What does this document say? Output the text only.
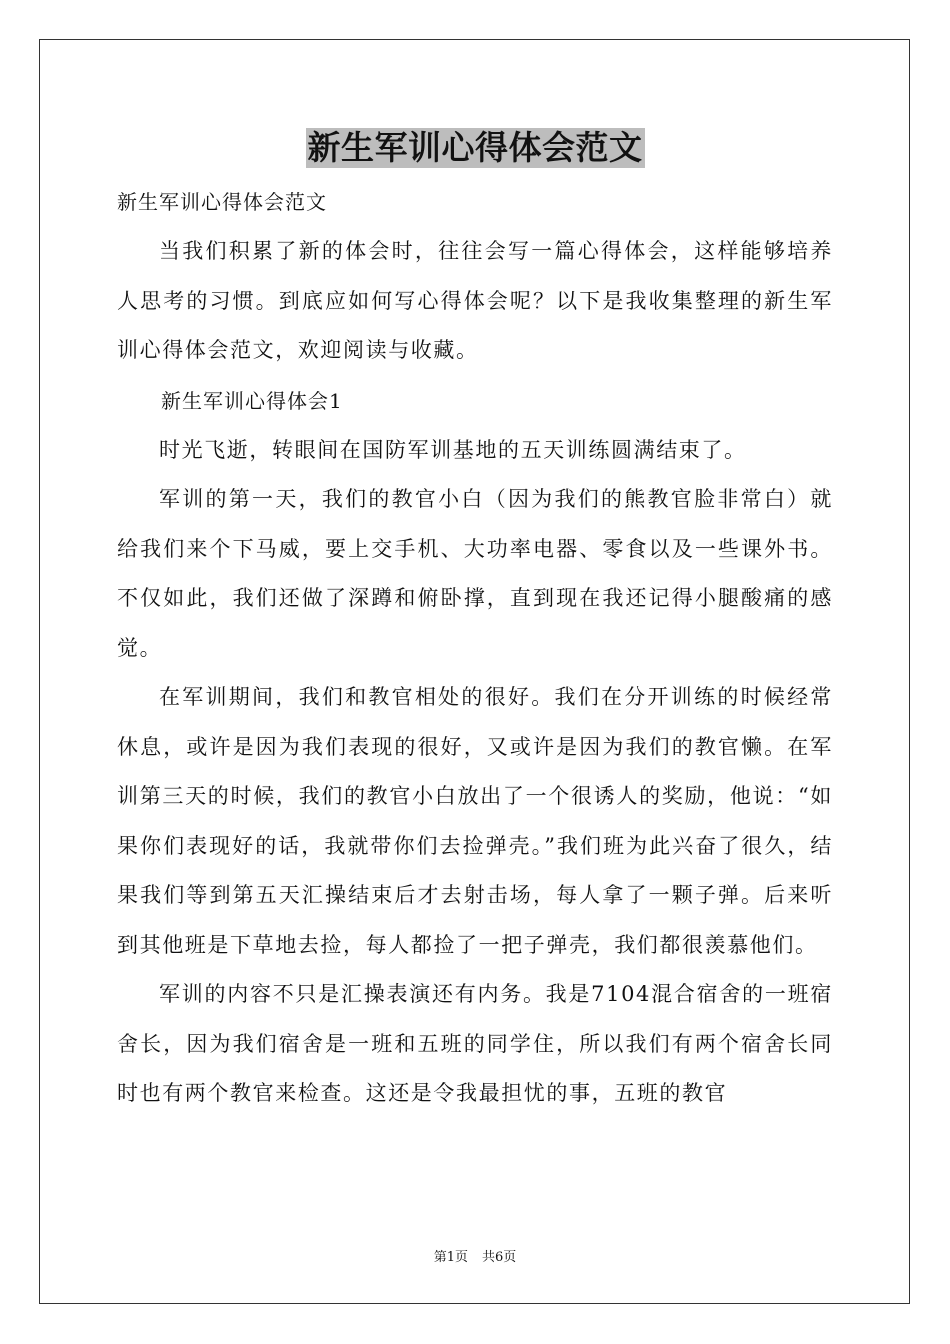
新生军训心得体会范文

新生军训心得体会范文

当我们积累了新的体会时，往往会写一篇心得体会，这样能够培养人思考的习惯。到底应如何写心得体会呢？以下是我收集整理的新生军训心得体会范文，欢迎阅读与收藏。

新生军训心得体会1

时光飞逝，转眼间在国防军训基地的五天训练圆满结束了。

军训的第一天，我们的教官小白（因为我们的熊教官脸非常白）就给我们来个下马威，要上交手机、大功率电器、零食以及一些课外书。不仅如此，我们还做了深蹲和俯卧撑，直到现在我还记得小腿酸痛的感觉。

在军训期间，我们和教官相处的很好。我们在分开训练的时候经常休息，或许是因为我们表现的很好，又或许是因为我们的教官懒。在军训第三天的时候，我们的教官小白放出了一个很诱人的奖励，他说：“如果你们表现好的话，我就带你们去捡弹壳。”我们班为此兴奋了很久，结果我们等到第五天汇操结束后才去射击场，每人拿了一颗子弹。后来听到其他班是下草地去捡，每人都捡了一把子弹壳，我们都很羡慕他们。

军训的内容不只是汇操表演还有内务。我是7104混合宿舍的一班宿舍长，因为我们宿舍是一班和五班的同学住，所以我们有两个宿舍长同时也有两个教官来检查。这还是令我最担忧的事，五班的教官

第1页 共6页
